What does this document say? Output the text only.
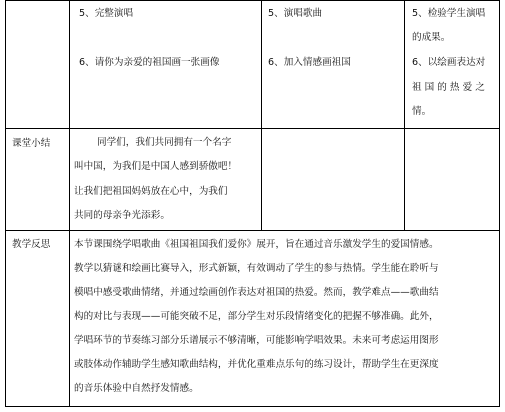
5、完整演唱
6、请你为亲爱的祖国画一张画像
5、演唱歌曲
6、加入情感画祖国
5、检验学生演唱
的成果。
6、以绘画表达对
祖 国 的 热 爱 之
情。
课堂小结	同学们，我们共同拥有一个名字
叫中国，为我们是中国人感到骄傲吧！
让我们把祖国妈妈放在心中，为我们
共同的母亲争光添彩。
教学反思 本节课围绕学唱歌曲《祖国祖国我们爱你》展开，旨在通过音乐激发学生的爱国情感。
教学以猜谜和绘画比赛导入，形式新颖，有效调动了学生的参与热情。学生能在聆听与
模唱中感受歌曲情绪，并通过绘画创作表达对祖国的热爱。然而，教学难点——歌曲结
构的对比与表现——可能突破不足，部分学生对乐段情绪变化的把握不够准确。此外，
学唱环节的节奏练习部分乐谱展示不够清晰，可能影响学唱效果。未来可考虑运用图形
或肢体动作辅助学生感知歌曲结构，并优化重难点乐句的练习设计，帮助学生在更深度
的音乐体验中自然抒发情感。
